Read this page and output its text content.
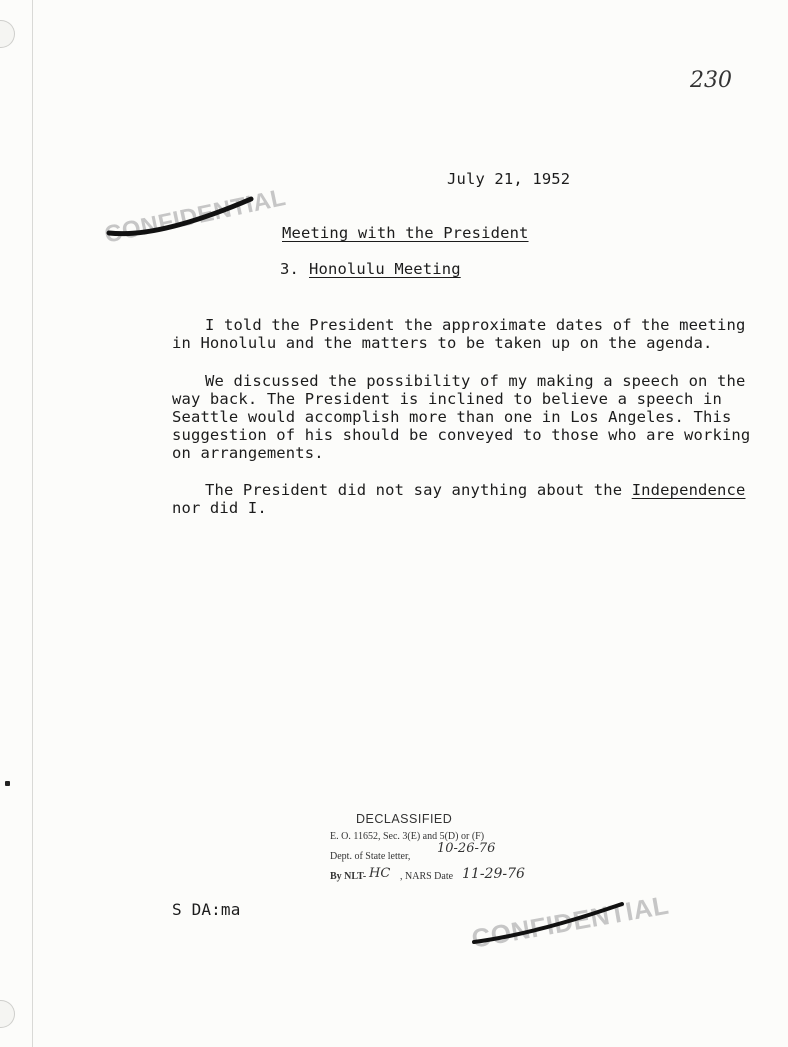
230
July 21, 1952
CONFIDENTIAL
Meeting with the President
3. Honolulu Meeting
I told the President the approximate dates of the meeting
in Honolulu and the matters to be taken up on the agenda.
We discussed the possibility of my making a speech on the
way back. The President is inclined to believe a speech in
Seattle would accomplish more than one in Los Angeles. This
suggestion of his should be conveyed to those who are working
on arrangements.
The President did not say anything about the Independence
nor did I.
DECLASSIFIED
E. O. 11652, Sec. 3(E) and 5(D) or (F)
Dept. of State letter,
10-26-76
By NLT- HC , NARS Date 11-29-76
S DA:ma	CONFIDENTIAL
